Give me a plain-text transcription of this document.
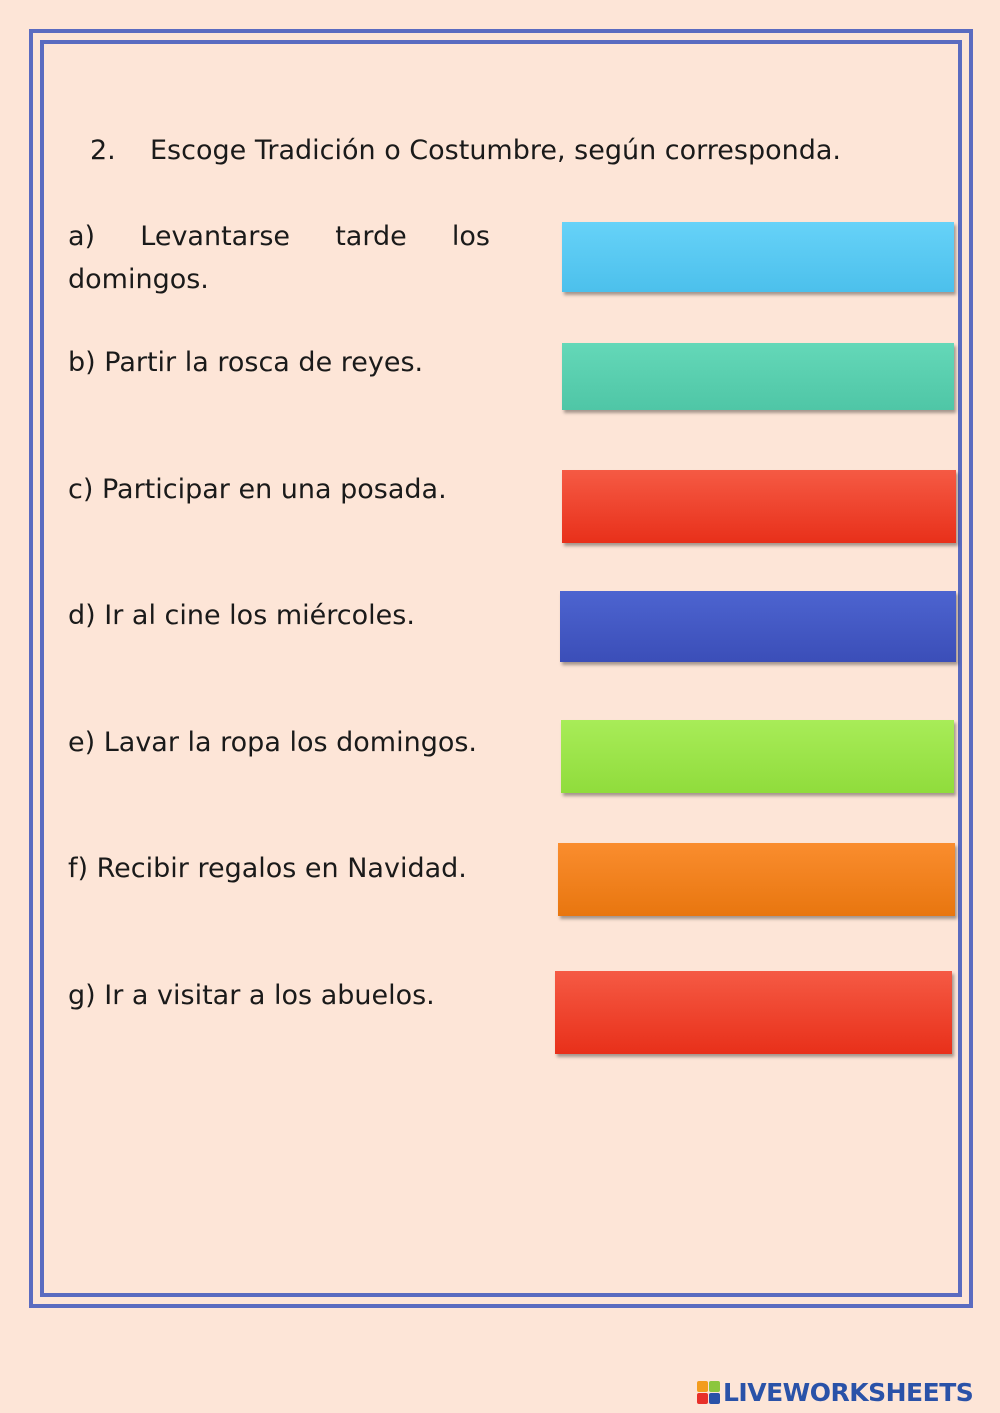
2. Escoge Tradición o Costumbre, según corresponda.
a) Levantarse tarde los domingos.
b) Partir la rosca de reyes.
c) Participar en una posada.
d) Ir al cine los miércoles.
e) Lavar la ropa los domingos.
f) Recibir regalos en Navidad.
g) Ir a visitar a los abuelos.
LIVEWORKSHEETS
